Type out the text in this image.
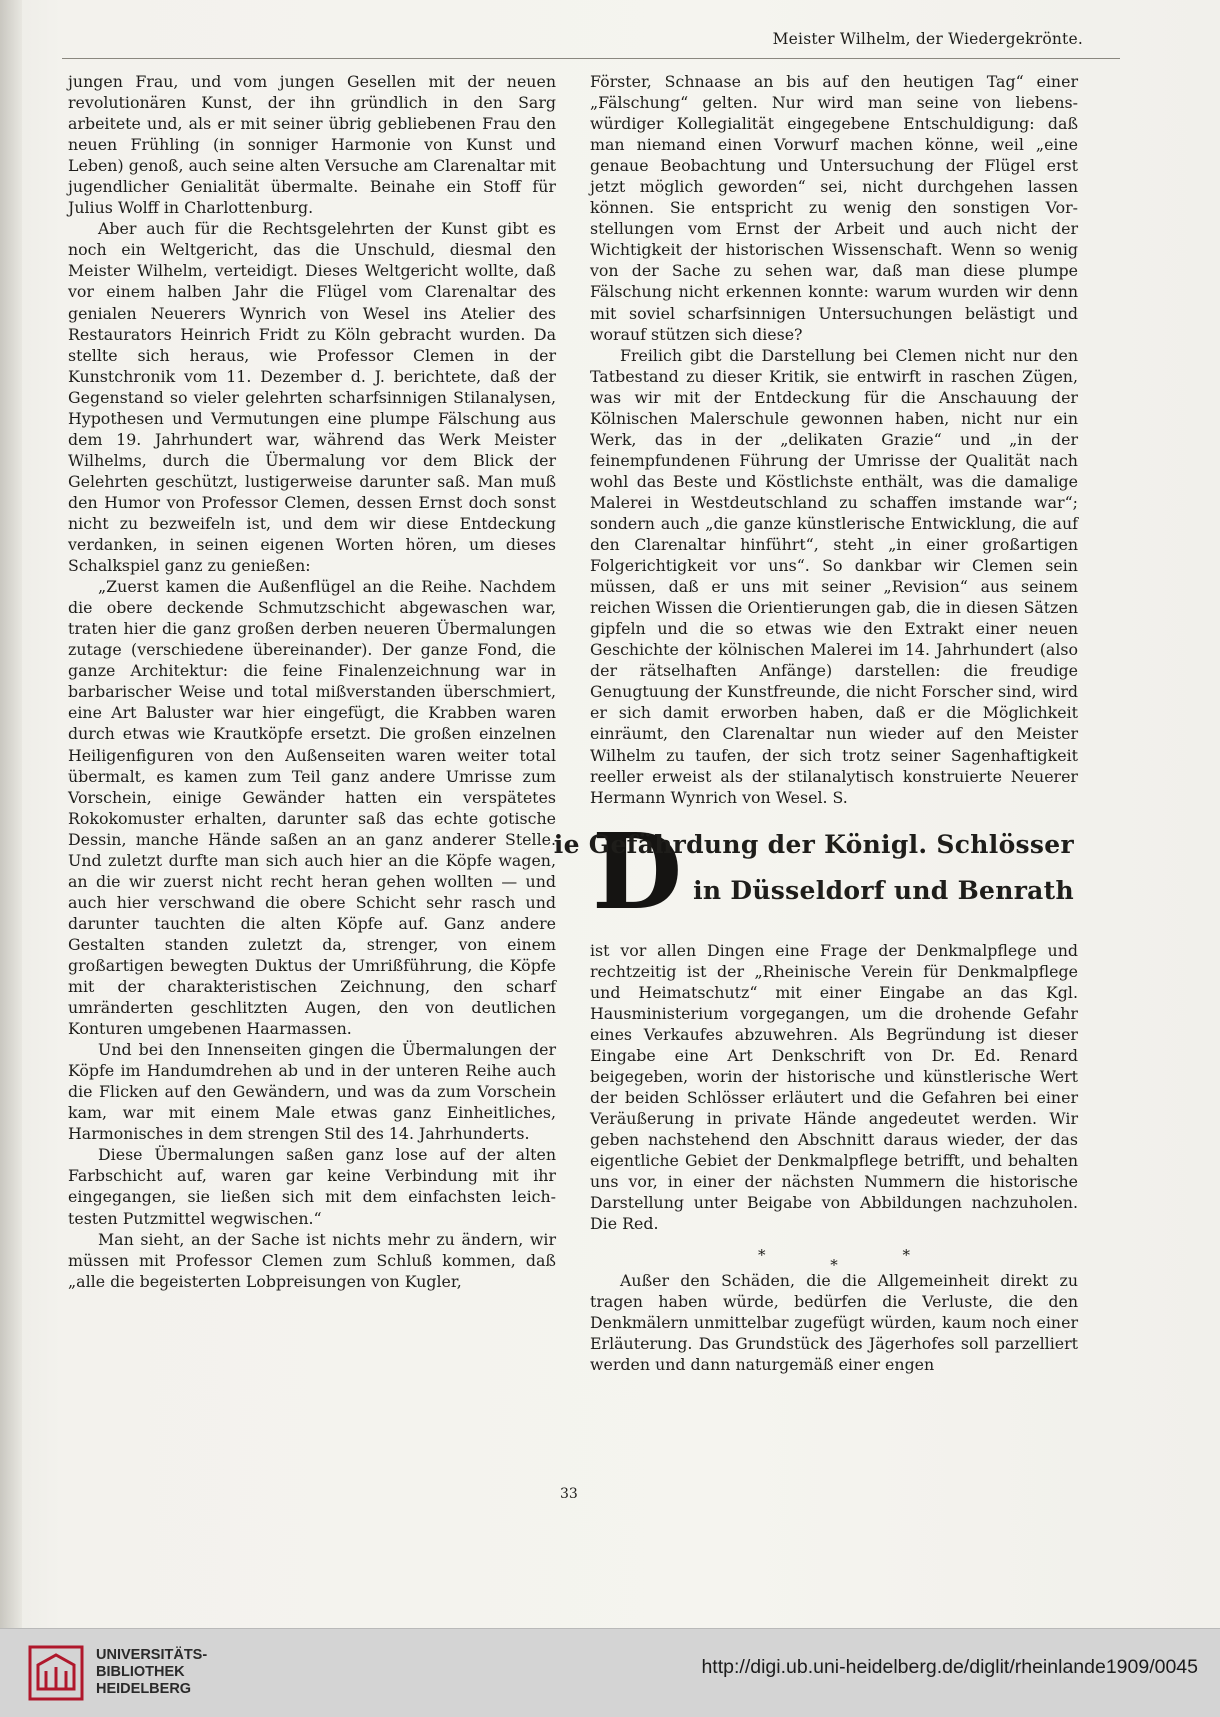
Meister Wilhelm, der Wiedergekrönte.

jungen Frau, und vom jungen Gesellen mit der neuen revolutionären Kunst, der ihn gründlich in den Sarg arbeitete und, als er mit seiner übrig gebliebenen Frau den neuen Frühling (in sonniger Harmonie von Kunst und Leben) genoß, auch seine alten Versuche am Clarenaltar mit jugendlicher Genialität übermalte. Beinahe ein Stoff für Julius Wolff in Charlottenburg.

Aber auch für die Rechtsgelehrten der Kunst gibt es noch ein Weltgericht, das die Unschuld, diesmal den Meister Wilhelm, verteidigt. Dieses Weltgericht wollte, daß vor einem halben Jahr die Flügel vom Clarenaltar des genialen Neuerers Wynrich von Wesel ins Atelier des Restaurators Heinrich Fridt zu Köln gebracht wurden. Da stellte sich heraus, wie Professor Clemen in der Kunstchronik vom 11. Dezember d. J. berichtete, daß der Gegenstand so vieler gelehrten scharfsinnigen Stilanalysen, Hypothesen und Vermutungen eine plumpe Fälschung aus dem 19. Jahrhundert war, während das Werk Meister Wilhelms, durch die Übermalung vor dem Blick der Gelehrten geschützt, lustigerweise darunter saß. Man muß den Humor von Professor Clemen, dessen Ernst doch sonst nicht zu bezweifeln ist, und dem wir diese Entdeckung verdanken, in seinen eigenen Worten hören, um dieses Schalkspiel ganz zu genießen:

„Zuerst kamen die Außenflügel an die Reihe. Nachdem die obere deckende Schmutzschicht abgewaschen war, traten hier die ganz großen derben neueren Übermalungen zutage (verschiedene übereinander). Der ganze Fond, die ganze Architektur: die feine Finalenzeichnung war in barbarischer Weise und total mißverstanden überschmiert, eine Art Baluster war hier eingefügt, die Krabben waren durch etwas wie Krautköpfe ersetzt. Die großen einzelnen Heiligenfiguren von den Außenseiten waren weiter total übermalt, es kamen zum Teil ganz andere Umrisse zum Vorschein, einige Gewänder hatten ein verspätetes Rokokomuster erhalten, darunter saß das echte gotische Dessin, manche Hände saßen an an ganz anderer Stelle. Und zuletzt durfte man sich auch hier an die Köpfe wagen, an die wir zuerst nicht recht heran gehen wollten — und auch hier verschwand die obere Schicht sehr rasch und darunter tauchten die alten Köpfe auf. Ganz andere Gestalten standen zuletzt da, strenger, von einem großartigen bewegten Duktus der Umrißführung, die Köpfe mit der charakteristischen Zeichnung, den scharf umränderten geschlitzten Augen, den von deutlichen Konturen umgebenen Haarmassen.

Und bei den Innenseiten gingen die Übermalungen der Köpfe im Handumdrehen ab und in der unteren Reihe auch die Flicken auf den Gewändern, und was da zum Vorschein kam, war mit einem Male etwas ganz Einheitliches, Harmonisches in dem strengen Stil des 14. Jahrhunderts.

Diese Übermalungen saßen ganz lose auf der alten Farbschicht auf, waren gar keine Verbindung mit ihr eingegangen, sie ließen sich mit dem einfachsten leichtesten Putzmittel wegwischen.“

Man sieht, an der Sache ist nichts mehr zu ändern, wir müssen mit Professor Clemen zum Schluß kommen, daß „alle die begeisterten Lobpreisungen von Kugler,

Förster, Schnaase an bis auf den heutigen Tag“ einer „Fälschung“ gelten. Nur wird man seine von liebenswürdiger Kollegialität eingegebene Entschuldigung: daß man niemand einen Vorwurf machen könne, weil „eine genaue Beobachtung und Untersuchung der Flügel erst jetzt möglich geworden“ sei, nicht durchgehen lassen können. Sie entspricht zu wenig den sonstigen Vorstellungen vom Ernst der Arbeit und auch nicht der Wichtigkeit der historischen Wissenschaft. Wenn so wenig von der Sache zu sehen war, daß man diese plumpe Fälschung nicht erkennen konnte: warum wurden wir denn mit soviel scharfsinnigen Untersuchungen belästigt und worauf stützen sich diese?

Freilich gibt die Darstellung bei Clemen nicht nur den Tatbestand zu dieser Kritik, sie entwirft in raschen Zügen, was wir mit der Entdeckung für die Anschauung der Kölnischen Malerschule gewonnen haben, nicht nur ein Werk, das in der „delikaten Grazie“ und „in der feinempfundenen Führung der Umrisse der Qualität nach wohl das Beste und Köstlichste enthält, was die damalige Malerei in Westdeutschland zu schaffen imstande war“; sondern auch „die ganze künstlerische Entwicklung, die auf den Clarenaltar hinführt“, steht „in einer großartigen Folgerichtigkeit vor uns“. So dankbar wir Clemen sein müssen, daß er uns mit seiner „Revision“ aus seinem reichen Wissen die Orientierungen gab, die in diesen Sätzen gipfeln und die so etwas wie den Extrakt einer neuen Geschichte der kölnischen Malerei im 14. Jahrhundert (also der rätselhaften Anfänge) darstellen: die freudige Genugtuung der Kunstfreunde, die nicht Forscher sind, wird er sich damit erworben haben, daß er die Möglichkeit einräumt, den Clarenaltar nun wieder auf den Meister Wilhelm zu taufen, der sich trotz seiner Sagenhaftigkeit reeller erweist als der stilanalytisch konstruierte Neuerer Hermann Wynrich von Wesel. S.

D
ie Gefährdung der Königl. Schlösser
in Düsseldorf und Benrath

ist vor allen Dingen eine Frage der Denkmalpflege und rechtzeitig ist der „Rheinische Verein für Denkmalpflege und Heimatschutz“ mit einer Eingabe an das Kgl. Hausministerium vorgegangen, um die drohende Gefahr eines Verkaufes abzuwehren. Als Begründung ist dieser Eingabe eine Art Denkschrift von Dr. Ed. Renard beigegeben, worin der historische und künstlerische Wert der beiden Schlösser erläutert und die Gefahren bei einer Veräußerung in private Hände angedeutet werden. Wir geben nachstehend den Abschnitt daraus wieder, der das eigentliche Gebiet der Denkmalpflege betrifft, und behalten uns vor, in einer der nächsten Nummern die historische Darstellung unter Beigabe von Abbildungen nachzuholen. Die Red.

* * *

Außer den Schäden, die die Allgemeinheit direkt zu tragen haben würde, bedürfen die Verluste, die den Denkmälern unmittelbar zugefügt würden, kaum noch einer Erläuterung. Das Grundstück des Jägerhofes soll parzelliert werden und dann naturgemäß einer engen

33
UNIVERSITÄTS-
BIBLIOTHEK
HEIDELBERG
http://digi.ub.uni-heidelberg.de/diglit/rheinlande1909/0045
